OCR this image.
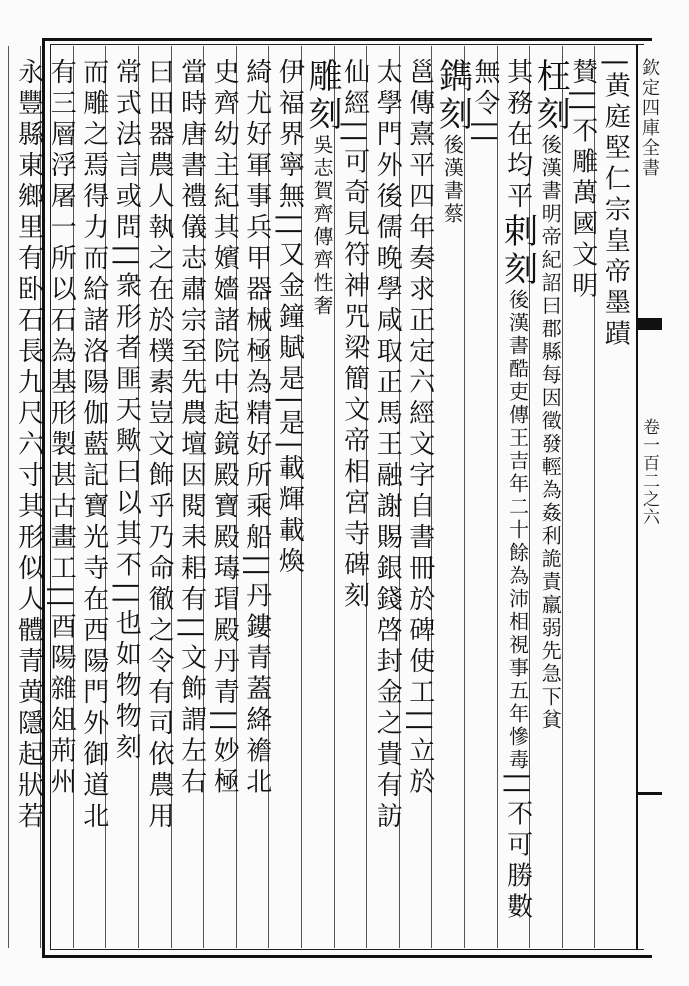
欽定四庫全書
卷一百二之六
|黄庭堅仁宗皇帝墨蹟
賛||不雕萬國文明
枉刻後漢書明帝紀詔曰郡縣每因徵發輕為姦利詭責羸弱先急下貧
其務在均平剌刻後漢書酷吏傳王吉年二十餘為沛相視事五年慘毒||不可勝數
無令||
鐫刻後漢書蔡
邕傳熹平四年奏求正定六經文字自書冊於碑使工||立於
太學門外後儒晚學咸取正馬王融謝賜銀錢啓封金之貴有訪
仙經||可奇見符神咒梁簡文帝相宮寺碑刻
雕刻吳志賀齊傳齊性奢
伊福界寧無||又金鐘賦是|是|載輝載煥
綺尤好軍事兵甲器械極為精好所乘船||丹鏤青蓋絳襜北
史齊幼主紀其嬪嬙諸院中起鏡殿寶殿瑇瑁殿丹青||妙極
當時唐書禮儀志肅宗至先農壇因閱耒耜有||文飾謂左右
曰田器農人執之在於樸素豈文飾乎乃命徹之令有司依農用
常式法言或問||衆形者匪天歟曰以其不||也如物物刻
而雕之焉得力而給諸洛陽伽藍記寶光寺在西陽門外御道北
有三層浮屠一所以石為基形製甚古畫工||酉陽雜俎荊州
永豐縣東鄉里有卧石長九尺六寸其形似人體青黄隱起狀若
